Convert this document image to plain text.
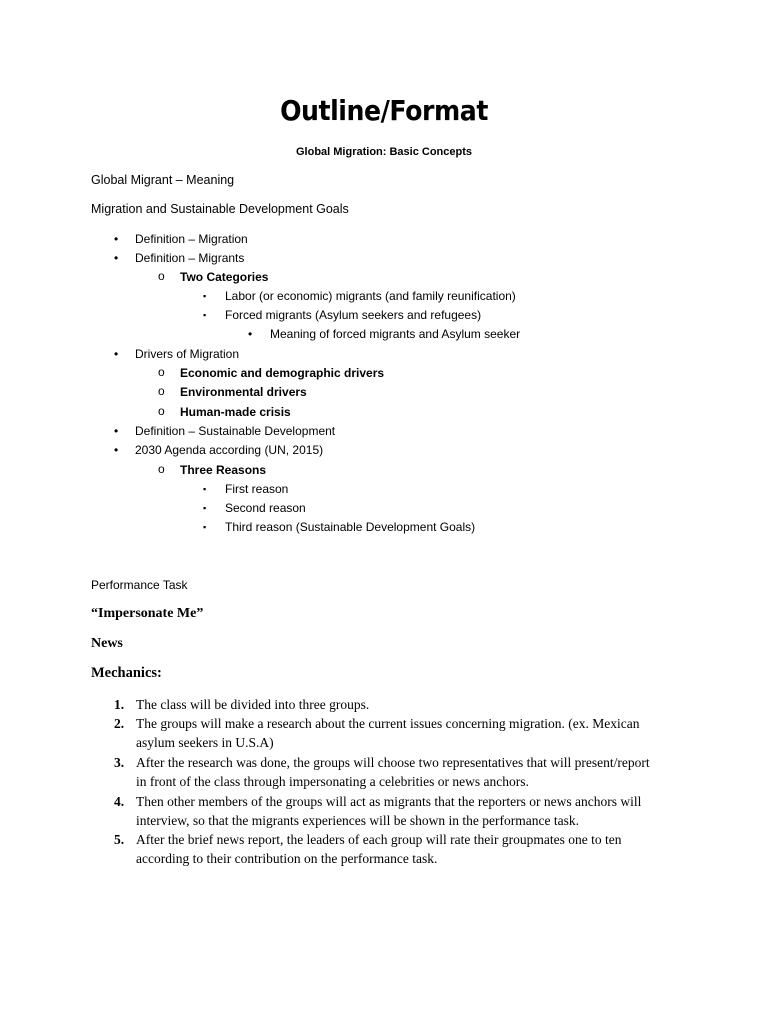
Outline/Format
Global Migration: Basic Concepts
Global Migrant – Meaning
Migration and Sustainable Development Goals
• Definition – Migration
• Definition – Migrants
o Two Categories
▪ Labor (or economic) migrants (and family reunification)
▪ Forced migrants (Asylum seekers and refugees)
• Meaning of forced migrants and Asylum seeker
• Drivers of Migration
o Economic and demographic drivers
o Environmental drivers
o Human-made crisis
• Definition – Sustainable Development
• 2030 Agenda according (UN, 2015)
o Three Reasons
▪ First reason
▪ Second reason
▪ Third reason (Sustainable Development Goals)
Performance Task
“Impersonate Me”
News
Mechanics:
1. The class will be divided into three groups.
2. The groups will make a research about the current issues concerning migration. (ex. Mexican asylum seekers in U.S.A)
3. After the research was done, the groups will choose two representatives that will present/report in front of the class through impersonating a celebrities or news anchors.
4. Then other members of the groups will act as migrants that the reporters or news anchors will interview, so that the migrants experiences will be shown in the performance task.
5. After the brief news report, the leaders of each group will rate their groupmates one to ten according to their contribution on the performance task.
